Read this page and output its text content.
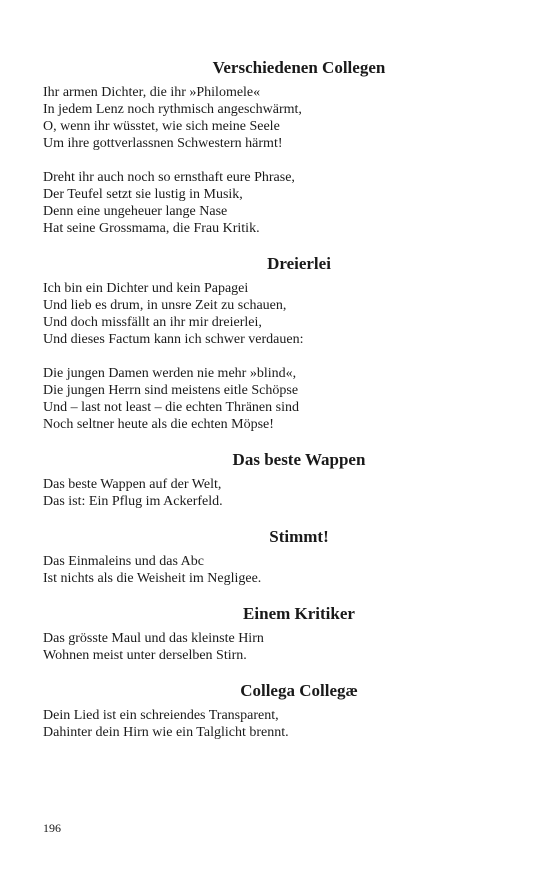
Verschiedenen Collegen
Ihr armen Dichter, die ihr »Philomele«
In jedem Lenz noch rythmisch angeschwärmt,
O, wenn ihr wüsstet, wie sich meine Seele
Um ihre gottverlassnen Schwestern härmt!
Dreht ihr auch noch so ernsthaft eure Phrase,
Der Teufel setzt sie lustig in Musik,
Denn eine ungeheuer lange Nase
Hat seine Grossmama, die Frau Kritik.
Dreierlei
Ich bin ein Dichter und kein Papagei
Und lieb es drum, in unsre Zeit zu schauen,
Und doch missfällt an ihr mir dreierlei,
Und dieses Factum kann ich schwer verdauen:
Die jungen Damen werden nie mehr »blind«,
Die jungen Herrn sind meistens eitle Schöpse
Und – last not least – die echten Thränen sind
Noch seltner heute als die echten Möpse!
Das beste Wappen
Das beste Wappen auf der Welt,
Das ist: Ein Pflug im Ackerfeld.
Stimmt!
Das Einmaleins und das Abc
Ist nichts als die Weisheit im Negligee.
Einem Kritiker
Das grösste Maul und das kleinste Hirn
Wohnen meist unter derselben Stirn.
Collega Collegæ
Dein Lied ist ein schreiendes Transparent,
Dahinter dein Hirn wie ein Talglicht brennt.
196
